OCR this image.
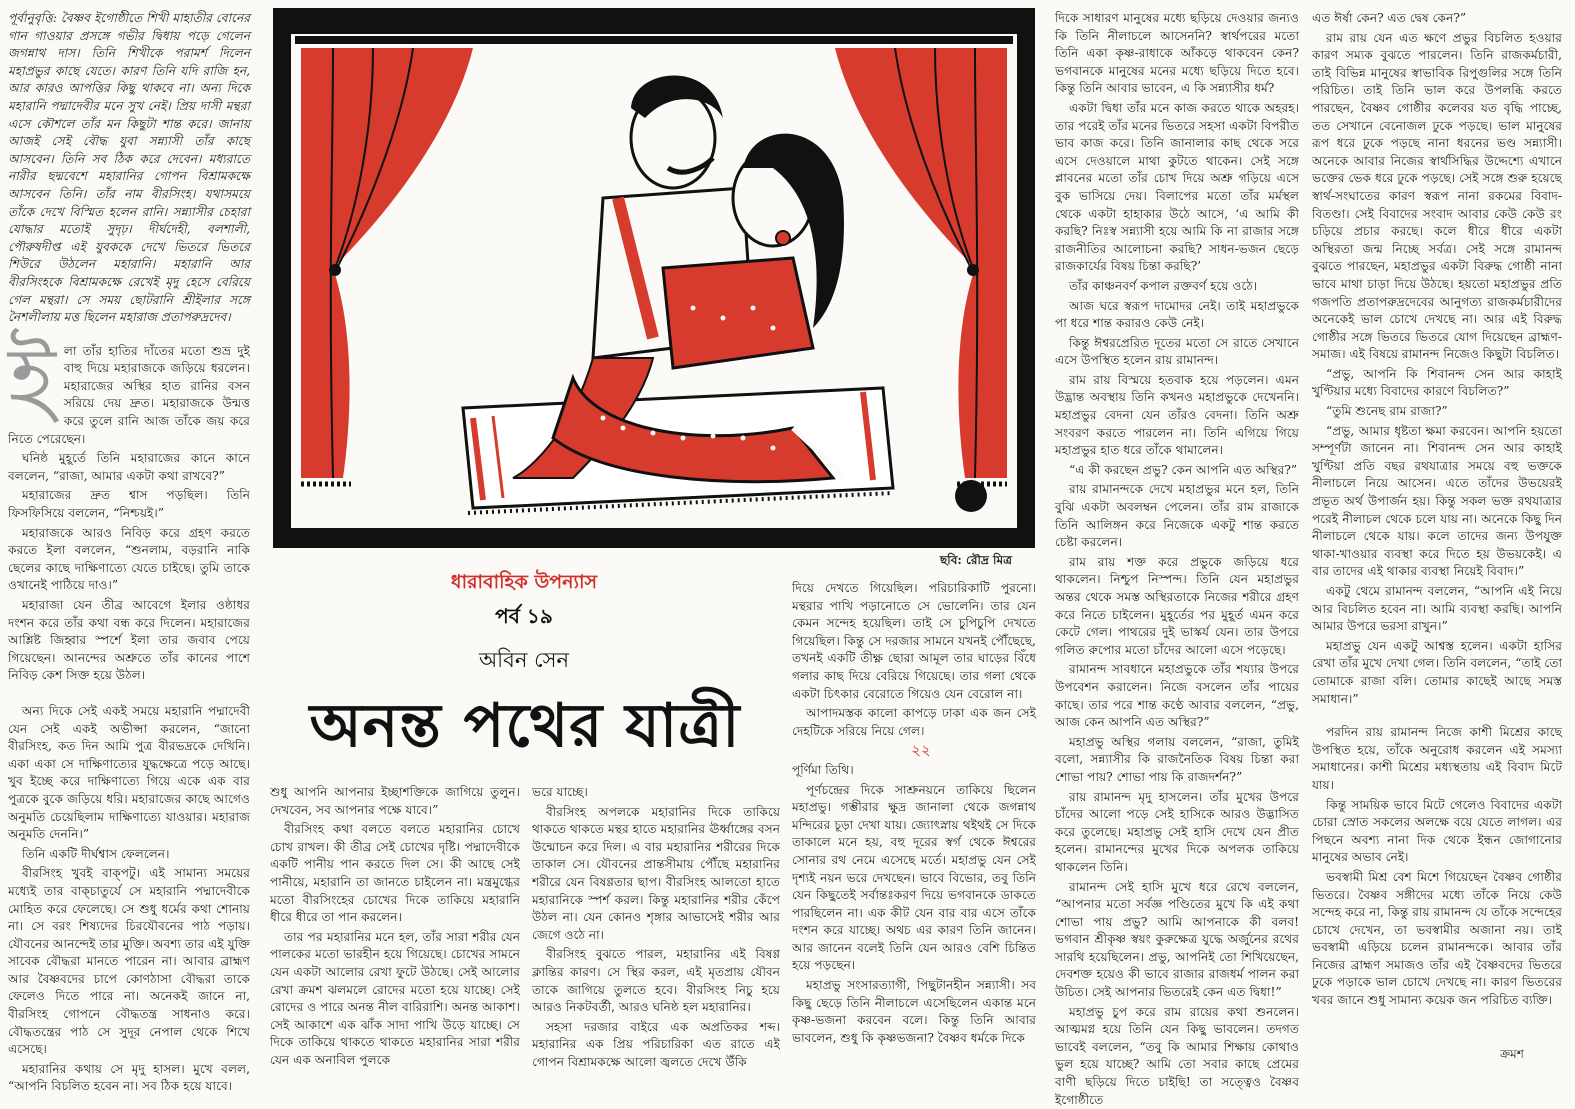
ছবি: রৌদ্র মিত্র

পূর্বানুবৃত্তি: বৈষ্ণব ইগোষ্ঠীতে শিখী মাহাতীর বোনের গান গাওয়ার প্রসঙ্গে গভীর দ্বিধায় পড়ে গেলেন জগন্নাথ দাস। তিনি শিখীকে পরামর্শ দিলেন মহাপ্রভুর কাছে যেতে। কারণ তিনি যদি রাজি হন, আর কারও আপত্তির কিছু থাকবে না। অন্য দিকে মহারানি পদ্মাদেবীর মনে সুখ নেই। প্রিয় দাসী মন্থরা এসে কৌশলে তাঁর মন কিছুটা শান্ত করে। জানায় আজই সেই বৌদ্ধ যুবা সন্ন্যাসী তাঁর কাছে আসবেন। তিনি সব ঠিক করে দেবেন। মধ্যরাতে নারীর ছদ্মবেশে মহারানির গোপন বিশ্রামকক্ষে আসবেন তিনি। তাঁর নাম বীরসিংহ। যথাসময়ে তাঁকে দেখে বিস্মিত হলেন রানি। সন্ন্যাসীর চেহারা যোদ্ধার মতোই সুদৃঢ়। দীর্ঘদেহী, বলশালী, পৌরুষদীপ্ত এই যুবককে দেখে ভিতরে ভিতরে শিউরে উঠলেন মহারানি। মহারানি আর বীরসিংহকে বিশ্রামকক্ষে রেখেই মৃদু হেসে বেরিয়ে গেল মন্থরা। সে সময় ছোটরানি শ্রীইলার সঙ্গে নৈশলীলায় মত্ত ছিলেন মহারাজ প্রতাপরুদ্রদেব।

ইলা তাঁর হাতির দাঁতের মতো শুভ্র দুই বাহু দিয়ে মহারাজকে জড়িয়ে ধরলেন। মহারাজের অস্থির হাত রানির বসন সরিয়ে দেয় দ্রুত। মহারাজকে উন্মত্ত করে তুলে রানি আজ তাঁকে জয় করে নিতে পেরেছেন।

ঘনিষ্ঠ মুহূর্তে তিনি মহারাজের কানে কানে বললেন, “রাজা, আমার একটা কথা রাখবে?”

মহারাজের দ্রুত শ্বাস পড়ছিল। তিনি ফিসফিসিয়ে বললেন, “নিশ্চয়ই।”

মহারাজকে আরও নিবিড় করে গ্রহণ করতে করতে ইলা বললেন, “শুনলাম, বড়রানি নাকি ছেলের কাছে দাক্ষিণাত্যে যেতে চাইছে। তুমি তাকে ওখানেই পাঠিয়ে দাও।”

মহারাজা যেন তীব্র আবেগে ইলার ওষ্ঠাধর দংশন করে তাঁর কথা বন্ধ করে দিলেন। মহারাজের আশ্লিষ্ট জিহ্বার স্পর্শে ইলা তার জবাব পেয়ে গিয়েছেন। আনন্দের অশ্রুতে তাঁর কানের পাশে নিবিড় কেশ সিক্ত হয়ে উঠল।

অন্য দিকে সেই একই সময়ে মহারানি পদ্মাদেবী যেন সেই একই অভীপ্সা করলেন, “জানো বীরসিংহ, কত দিন আমি পুত্র বীরভদ্রকে দেখিনি। একা একা সে দাক্ষিণাত্যের যুদ্ধক্ষেত্রে পড়ে আছে। খুব ইচ্ছে করে দাক্ষিণাত্যে গিয়ে একে এক বার পুত্রকে বুকে জড়িয়ে ধরি। মহারাজের কাছে আগেও অনুমতি চেয়েছিলাম দাক্ষিণাত্যে যাওয়ার। মহারাজ অনুমতি দেননি।”

তিনি একটি দীর্ঘশ্বাস ফেললেন।

বীরসিংহ খুবই বাক্পটু। এই সামান্য সময়ের মধ্যেই তার বাক্চাতুর্যে সে মহারানি পদ্মাদেবীকে মোহিত করে ফেলেছে। সে শুধু ধর্মের কথা শোনায় না। সে বরং শিষ্যদের চিরযৌবনের পাঠ পড়ায়। যৌবনের আনন্দেই তার মুক্তি। অবশ্য তার এই যুক্তি সাবেক বৌদ্ধরা মানতে পারেন না। আবার ব্রাহ্মণ আর বৈষ্ণবদের চাপে কোণঠাসা বৌদ্ধরা তাকে ফেলেও দিতে পারে না। অনেকই জানে না, বীরসিংহ গোপনে বৌদ্ধতন্ত্র সাধনাও করে। বৌদ্ধতন্ত্রের পাঠ সে সুদূর নেপাল থেকে শিখে এসেছে।

মহারানির কথায় সে মৃদু হাসল। মুখে বলল, “আপনি বিচলিত হবেন না। সব ঠিক হয়ে যাবে।

ধারাবাহিক উপন্যাস
পর্ব ১৯
অবিন সেন
অনন্ত পথের যাত্রী

শুধু আপনি আপনার ইচ্ছাশক্তিকে জাগিয়ে তুলুন। দেখবেন, সব আপনার পক্ষে যাবে।”

বীরসিংহ কথা বলতে বলতে মহারানির চোখে চোখ রাখল। কী তীব্র সেই চোখের দৃষ্টি। পদ্মাদেবীকে একটি পানীয় পান করতে দিল সে। কী আছে সেই পানীয়ে, মহারানি তা জানতে চাইলেন না। মন্ত্রমুগ্ধের মতো বীরসিংহের চোখের দিকে তাকিয়ে মহারানি ধীরে ধীরে তা পান করলেন।

তার পর মহারানির মনে হল, তাঁর সারা শরীর যেন পালকের মতো ভারহীন হয়ে গিয়েছে। চোখের সামনে যেন একটা আলোর রেখা ফুটে উঠছে। সেই আলোর রেখা ক্রমশ ঝলমলে রোদের মতো হয়ে যাচ্ছে। সেই রোদের ও পারে অনন্ত নীল বারিরাশি। অনন্ত আকাশ। সেই আকাশে এক ঝাঁক সাদা পাখি উড়ে যাচ্ছে। সে দিকে তাকিয়ে থাকতে থাকতে মহারানির সারা শরীর যেন এক অনাবিল পুলকে

ভরে যাচ্ছে।

বীরসিংহ অপলকে মহারানির দিকে তাকিয়ে থাকতে থাকতে মন্থর হাতে মহারানির ঊর্ধ্বাঙ্গের বসন উন্মোচন করে দিল। এ বার মহারানির শরীরের দিকে তাকাল সে। যৌবনের প্রান্তসীমায় পৌঁছে মহারানির শরীরে যেন বিষণ্ণতার ছাপ। বীরসিংহ আলতো হাতে মহারানিকে স্পর্শ করল। কিন্তু মহারানির শরীর কেঁপে উঠল না। যেন কোনও শৃঙ্গার আভাসেই শরীর আর জেগে ওঠে না।

বীরসিংহ বুঝতে পারল, মহারানির এই বিষণ্ণ ক্লান্তির কারণ। সে স্থির করল, এই মৃতপ্রায় যৌবন তাকে জাগিয়ে তুলতে হবে। বীরসিংহ নিচু হয়ে আরও নিকটবর্তী, আরও ঘনিষ্ঠ হল মহারানির।

সহসা দরজার বাইরে এক অপ্রতিকর শব্দ। মহারানির এক প্রিয় পরিচারিকা এত রাতে এই গোপন বিশ্রামকক্ষে আলো জ্বলতে দেখে উঁকি

দিয়ে দেখতে গিয়েছিল। পরিচারিকাটি পুরনো। মন্থরার পাখি পড়ানোতে সে ভোলেনি। তার যেন কেমন সন্দেহ হয়েছিল। তাই সে চুপিচুপি দেখতে গিয়েছিল। কিন্তু সে দরজার সামনে যখনই পৌঁছেছে, তখনই একটি তীক্ষ্ণ ছোরা আমূল তার ঘাড়ের বিঁধে গলার কাছ দিয়ে বেরিয়ে গিয়েছে। তার গলা থেকে একটা চিৎকার বেরোতে গিয়েও যেন বেরোল না।

আপাদমস্তক কালো কাপড়ে ঢাকা এক জন সেই দেহটিকে সরিয়ে নিয়ে গেল।

২২

পূর্ণিমা তিথি।

পূর্ণচন্দ্রের দিকে সাশ্রুনয়নে তাকিয়ে ছিলেন মহাপ্রভু। গম্ভীরার ক্ষুদ্র জানালা থেকে জগন্নাথ মন্দিরের চূড়া দেখা যায়। জ্যোৎস্নায় থইথই সে দিকে তাকালে মনে হয়, বহু দূরের স্বর্গ থেকে ঈশ্বরের সোনার রথ নেমে এসেছে মর্তে। মহাপ্রভু যেন সেই দৃশ্যই নয়ন ভরে দেখছেন। ভাবে বিভোর, তবু তিনি যেন কিছুতেই সর্বান্তঃকরণ দিয়ে ভগবানকে ডাকতে পারছিলেন না। এক কীট যেন বার বার এসে তাঁকে দংশন করে যাচ্ছে। অথচ এর কারণ তিনি জানেন। আর জানেন বলেই তিনি যেন আরও বেশি চিন্তিত হয়ে পড়ছেন।

মহাপ্রভু সংসারত্যাগী, পিছুটানহীন সন্ন্যাসী। সব কিছু ছেড়ে তিনি নীলাচলে এসেছিলেন একান্ত মনে কৃষ্ণ-ভজনা করবেন বলে। কিন্তু তিনি আবার ভাবলেন, শুধু কি কৃষ্ণভজনা? বৈষ্ণব ধর্মকে দিকে

দিকে সাধারণ মানুষের মধ্যে ছড়িয়ে দেওয়ার জন্যও কি তিনি নীলাচলে আসেননি? স্বার্থপরের মতো তিনি একা কৃষ্ণ-রাধাকে আঁকড়ে থাকবেন কেন? ভগবানকে মানুষের মনের মধ্যে ছড়িয়ে দিতে হবে। কিন্তু তিনি আবার ভাবেন, এ কি সন্ন্যাসীর ধর্ম?

একটা দ্বিধা তাঁর মনে কাজ করতে থাকে অহরহ। তার পরেই তাঁর মনের ভিতরে সহসা একটা বিপরীত ভাব কাজ করে। তিনি জানালার কাছ থেকে সরে এসে দেওয়ালে মাথা কুটতে থাকেন। সেই সঙ্গে প্লাবনের মতো তাঁর চোখ দিয়ে অশ্রু গড়িয়ে এসে বুক ভাসিয়ে দেয়। বিলাপের মতো তাঁর মর্মস্থল থেকে একটা হাহাকার উঠে আসে, ‘এ আমি কী করছি? নিঃস্ব সন্ন্যাসী হয়ে আমি কি না রাজার সঙ্গে রাজনীতির আলোচনা করছি? সাধন-ভজন ছেড়ে রাজকার্যের বিষয় চিন্তা করছি?’

তাঁর কাঞ্চনবর্ণ কপাল রক্তবর্ণ হয়ে ওঠে।

আজ ঘরে স্বরূপ দামোদর নেই। তাই মহাপ্রভুকে পা ধরে শান্ত করারও কেউ নেই।

কিন্তু ঈশ্বরপ্রেরিত দূতের মতো সে রাতে সেখানে এসে উপস্থিত হলেন রায় রামানন্দ।

রাম রায় বিস্ময়ে হতবাক হয়ে পড়লেন। এমন উদ্ভ্রান্ত অবস্থায় তিনি কখনও মহাপ্রভুকে দেখেননি। মহাপ্রভুর বেদনা যেন তাঁরও বেদনা। তিনি অশ্রু সংবরণ করতে পারলেন না। তিনি এগিয়ে গিয়ে মহাপ্রভুর হাত ধরে তাঁকে থামালেন।

“এ কী করছেন প্রভু? কেন আপনি এত অস্থির?”

রায় রামানন্দকে দেখে মহাপ্রভুর মনে হল, তিনি বুঝি একটা অবলম্বন পেলেন। তাঁর রাম রাজাকে তিনি আলিঙ্গন করে নিজেকে একটু শান্ত করতে চেষ্টা করলেন।

রাম রায় শক্ত করে প্রভুকে জড়িয়ে ধরে থাকলেন। নিশ্চুপ নিস্পন্দ। তিনি যেন মহাপ্রভুর অন্তর থেকে সমস্ত অস্থিরতাকে নিজের শরীরে গ্রহণ করে নিতে চাইলেন। মুহূর্তের পর মুহূর্ত এমন করে কেটে গেল। পাথরের দুই ভাস্কর্য যেন। তার উপরে গলিত রুপোর মতো চাঁদের আলো এসে পড়েছে।

রামানন্দ সাবধানে মহাপ্রভুকে তাঁর শয্যার উপরে উপবেশন করালেন। নিজে বসলেন তাঁর পায়ের কাছে। তার পরে শান্ত কণ্ঠে আবার বললেন, “প্রভু, আজ কেন আপনি এত অস্থির?”

মহাপ্রভু অস্থির গলায় বললেন, “রাজা, তুমিই বলো, সন্ন্যাসীর কি রাজনৈতিক বিষয় চিন্তা করা শোভা পায়? শোভা পায় কি রাজদর্শন?”

রায় রামানন্দ মৃদু হাসলেন। তাঁর মুখের উপরে চাঁদের আলো পড়ে সেই হাসিকে আরও উদ্ভাসিত করে তুলেছে। মহাপ্রভু সেই হাসি দেখে যেন প্রীত হলেন। রামানন্দের মুখের দিকে অপলক তাকিয়ে থাকলেন তিনি।

রামানন্দ সেই হাসি মুখে ধরে রেখে বললেন, “আপনার মতো সর্বজ্ঞ পণ্ডিতের মুখে কি এই কথা শোভা পায় প্রভু? আমি আপনাকে কী বলব! ভগবান শ্রীকৃষ্ণ স্বয়ং কুরুক্ষেত্র যুদ্ধে অর্জুনের রথের সারথি হয়েছিলেন। প্রভু, আপনিই তো শিখিয়েছেন, দেবশক্ত হয়েও কী ভাবে রাজার রাজধর্ম পালন করা উচিত। সেই আপনার ভিতরেই কেন এত দ্বিধা!”

মহাপ্রভু চুপ করে রাম রায়ের কথা শুনলেন। আত্মমগ্ন হয়ে তিনি যেন কিছু ভাবলেন। তদগত ভাবেই বললেন, “তবু কি আমার শিক্ষায় কোথাও ভুল হয়ে যাচ্ছে? আমি তো সবার কাছে প্রেমের বাণী ছড়িয়ে দিতে চাইছি! তা সত্ত্বেও বৈষ্ণব ইগোষ্ঠীতে

এত ঈর্ষা কেন? এত দ্বেষ কেন?”

রাম রায় যেন এত ক্ষণে প্রভুর বিচলিত হওয়ার কারণ সম্যক বুঝতে পারলেন। তিনি রাজকর্মচারী, তাই বিভিন্ন মানুষের স্বাভাবিক রিপুগুলির সঙ্গে তিনি পরিচিত। তাই তিনি ভাল করে উপলব্ধি করতে পারছেন, বৈষ্ণব গোষ্ঠীর কলেবর যত বৃদ্ধি পাচ্ছে, তত সেখানে বেনোজল ঢুকে পড়ছে। ভাল মানুষের রূপ ধরে ঢুকে পড়ছে নানা ধরনের ভণ্ড সন্ন্যাসী। অনেকে আবার নিজের স্বার্থসিদ্ধির উদ্দেশ্যে এখানে ভক্তের ভেক ধরে ঢুকে পড়ছে। সেই সঙ্গে শুরু হয়েছে স্বার্থ-সংঘাতের কারণ স্বরূপ নানা রকমের বিবাদ-বিতণ্ডা। সেই বিবাদের সংবাদ আবার কেউ কেউ রং চড়িয়ে প্রচার করছে। কলে ধীরে ধীরে একটা অস্থিরতা জন্ম নিচ্ছে সর্বত্র। সেই সঙ্গে রামানন্দ বুঝতে পারছেন, মহাপ্রভুর একটা বিরুদ্ধ গোষ্ঠী নানা ভাবে মাথা চাড়া দিয়ে উঠছে। হয়তো মহাপ্রভুর প্রতি গজপতি প্রতাপরুদ্রদেবের আনুগত্য রাজকর্মচারীদের অনেকেই ভাল চোখে দেখছে না। আর এই বিরুদ্ধ গোষ্ঠীর সঙ্গে ভিতরে ভিতরে যোগ দিয়েছেন ব্রাহ্মণ-সমাজ। এই বিষয়ে রামানন্দ নিজেও কিছুটা বিচলিত।

“প্রভু, আপনি কি শিবানন্দ সেন আর কাহাই খুণ্টিয়ার মধ্যে বিবাদের কারণে বিচলিত?”

“তুমি শুনেছ রাম রাজা?”

“প্রভু, আমার ধৃষ্টতা ক্ষমা করবেন। আপনি হয়তো সম্পূর্ণটা জানেন না। শিবানন্দ সেন আর কাহাই খুণ্টিয়া প্রতি বছর রথযাত্রার সময়ে বহু ভক্তকে নীলাচলে নিয়ে আসেন। এতে তাঁদের উভয়েরই প্রভূত অর্থ উপার্জন হয়। কিন্তু সকল ভক্ত রথযাত্রার পরেই নীলাচল থেকে চলে যায় না। অনেকে কিছু দিন নীলাচলে থেকে যায়। কলে তাদের জন্য উপযুক্ত থাকা-খাওয়ার ব্যবস্থা করে দিতে হয় উভয়কেই। এ বার তাদের এই থাকার ব্যবস্থা নিয়েই বিবাদ।”

একটু থেমে রামানন্দ বললেন, “আপনি এই নিয়ে আর বিচলিত হবেন না। আমি ব্যবস্থা করছি। আপনি আমার উপরে ভরসা রাখুন।”

মহাপ্রভু যেন একটু আশ্বস্ত হলেন। একটা হাসির রেখা তাঁর মুখে দেখা গেল। তিনি বললেন, “তাই তো তোমাকে রাজা বলি। তোমার কাছেই আছে সমস্ত সমাধান।”

পরদিন রায় রামানন্দ নিজে কাশী মিশ্রের কাছে উপস্থিত হয়ে, তাঁকে অনুরোধ করলেন এই সমস্যা সমাধানের। কাশী মিশ্রের মধ্যস্থতায় এই বিবাদ মিটে যায়।

কিন্তু সাময়িক ভাবে মিটে গেলেও বিবাদের একটা চোরা স্রোত সকলের অলক্ষে বয়ে যেতে লাগল। এর পিছনে অবশ্য নানা দিক থেকে ইন্ধন জোগানোর মানুষের অভাব নেই।

ভবস্বামী মিশ্র বেশ মিশে গিয়েছেন বৈষ্ণব গোষ্ঠীর ভিতরে। বৈষ্ণব সঙ্গীদের মধ্যে তাঁকে নিয়ে কেউ সন্দেহ করে না, কিন্তু রায় রামানন্দ যে তাঁকে সন্দেহের চোখে দেখেন, তা ভবস্বামীর অজানা নয়। তাই ভবস্বামী এড়িয়ে চলেন রামানন্দকে। আবার তাঁর নিজের ব্রাহ্মণ সমাজও তাঁর এই বৈষ্ণবদের ভিতরে ঢুকে পড়াকে ভাল চোখে দেখছে না। কারণ ভিতরের খবর জানে শুধু সামান্য কয়েক জন পরিচিত ব্যক্তি।

ক্রমশ
